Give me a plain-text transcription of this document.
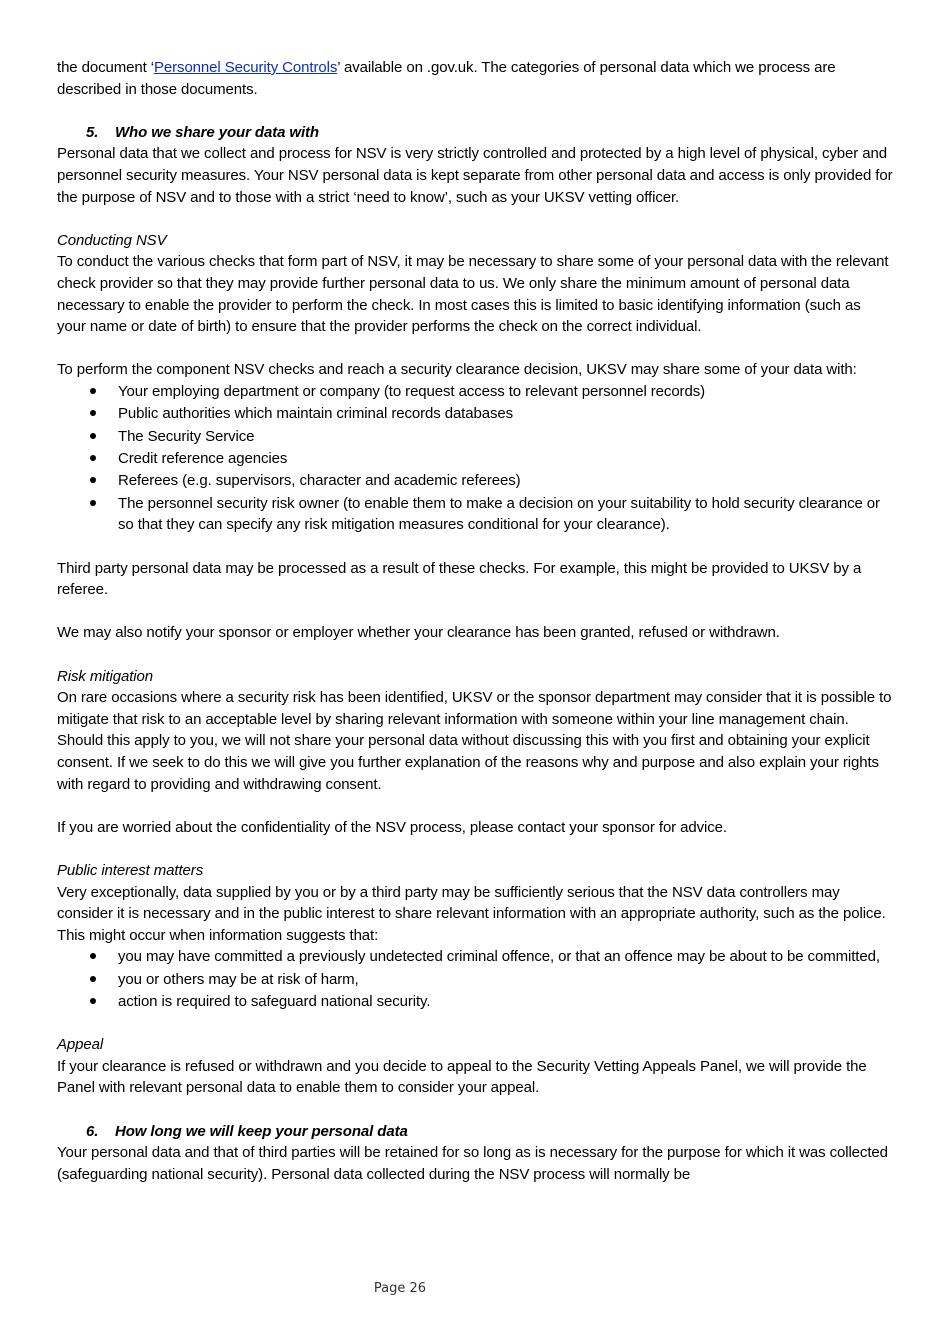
the document ‘Personnel Security Controls’ available on .gov.uk. The categories of personal data which we process are described in those documents.

5. Who we share your data with

Personal data that we collect and process for NSV is very strictly controlled and protected by a high level of physical, cyber and personnel security measures. Your NSV personal data is kept separate from other personal data and access is only provided for the purpose of NSV and to those with a strict ‘need to know’, such as your UKSV vetting officer.

Conducting NSV

To conduct the various checks that form part of NSV, it may be necessary to share some of your personal data with the relevant check provider so that they may provide further personal data to us. We only share the minimum amount of personal data necessary to enable the provider to perform the check. In most cases this is limited to basic identifying information (such as your name or date of birth) to ensure that the provider performs the check on the correct individual.

To perform the component NSV checks and reach a security clearance decision, UKSV may share some of your data with:

Your employing department or company (to request access to relevant personnel records)
Public authorities which maintain criminal records databases
The Security Service
Credit reference agencies
Referees (e.g. supervisors, character and academic referees)
The personnel security risk owner (to enable them to make a decision on your suitability to hold security clearance or so that they can specify any risk mitigation measures conditional for your clearance).

Third party personal data may be processed as a result of these checks. For example, this might be provided to UKSV by a referee.

We may also notify your sponsor or employer whether your clearance has been granted, refused or withdrawn.

Risk mitigation

On rare occasions where a security risk has been identified, UKSV or the sponsor department may consider that it is possible to mitigate that risk to an acceptable level by sharing relevant information with someone within your line management chain. Should this apply to you, we will not share your personal data without discussing this with you first and obtaining your explicit consent. If we seek to do this we will give you further explanation of the reasons why and purpose and also explain your rights with regard to providing and withdrawing consent.

If you are worried about the confidentiality of the NSV process, please contact your sponsor for advice.

Public interest matters

Very exceptionally, data supplied by you or by a third party may be sufficiently serious that the NSV data controllers may consider it is necessary and in the public interest to share relevant information with an appropriate authority, such as the police. This might occur when information suggests that:

you may have committed a previously undetected criminal offence, or that an offence may be about to be committed,
you or others may be at risk of harm,
action is required to safeguard national security.

Appeal

If your clearance is refused or withdrawn and you decide to appeal to the Security Vetting Appeals Panel, we will provide the Panel with relevant personal data to enable them to consider your appeal.

6. How long we will keep your personal data

Your personal data and that of third parties will be retained for so long as is necessary for the purpose for which it was collected (safeguarding national security). Personal data collected during the NSV process will normally be

Page 26
